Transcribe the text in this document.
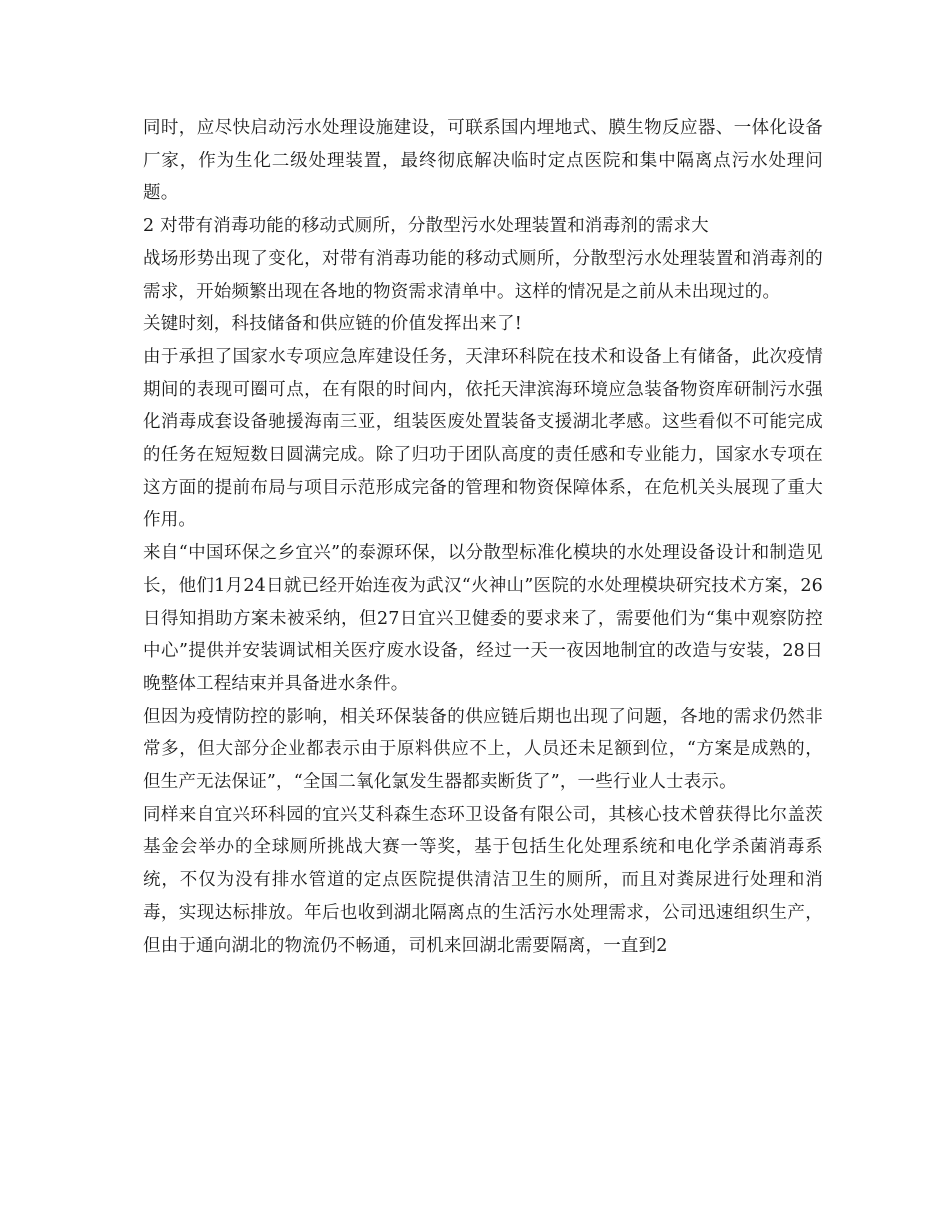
同时，应尽快启动污水处理设施建设，可联系国内埋地式、膜生物反应器、一体化设备厂家，作为生化二级处理装置，最终彻底解决临时定点医院和集中隔离点污水处理问题。

2 对带有消毒功能的移动式厕所，分散型污水处理装置和消毒剂的需求大

战场形势出现了变化，对带有消毒功能的移动式厕所，分散型污水处理装置和消毒剂的需求，开始频繁出现在各地的物资需求清单中。这样的情况是之前从未出现过的。

关键时刻，科技储备和供应链的价值发挥出来了!

由于承担了国家水专项应急库建设任务，天津环科院在技术和设备上有储备，此次疫情期间的表现可圈可点，在有限的时间内，依托天津滨海环境应急装备物资库研制污水强化消毒成套设备驰援海南三亚，组装医废处置装备支援湖北孝感。这些看似不可能完成的任务在短短数日圆满完成。除了归功于团队高度的责任感和专业能力，国家水专项在这方面的提前布局与项目示范形成完备的管理和物资保障体系，在危机关头展现了重大作用。

来自“中国环保之乡宜兴”的泰源环保，以分散型标准化模块的水处理设备设计和制造见长，他们1月24日就已经开始连夜为武汉“火神山”医院的水处理模块研究技术方案，26日得知捐助方案未被采纳，但27日宜兴卫健委的要求来了，需要他们为“集中观察防控中心”提供并安装调试相关医疗废水设备，经过一天一夜因地制宜的改造与安装，28日晚整体工程结束并具备进水条件。

但因为疫情防控的影响，相关环保装备的供应链后期也出现了问题，各地的需求仍然非常多，但大部分企业都表示由于原料供应不上，人员还未足额到位，“方案是成熟的，但生产无法保证”，“全国二氧化氯发生器都卖断货了”，一些行业人士表示。

同样来自宜兴环科园的宜兴艾科森生态环卫设备有限公司，其核心技术曾获得比尔盖茨基金会举办的全球厕所挑战大赛一等奖，基于包括生化处理系统和电化学杀菌消毒系统，不仅为没有排水管道的定点医院提供清洁卫生的厕所，而且对粪尿进行处理和消毒，实现达标排放。年后也收到湖北隔离点的生活污水处理需求，公司迅速组织生产，但由于通向湖北的物流仍不畅通，司机来回湖北需要隔离，一直到2
